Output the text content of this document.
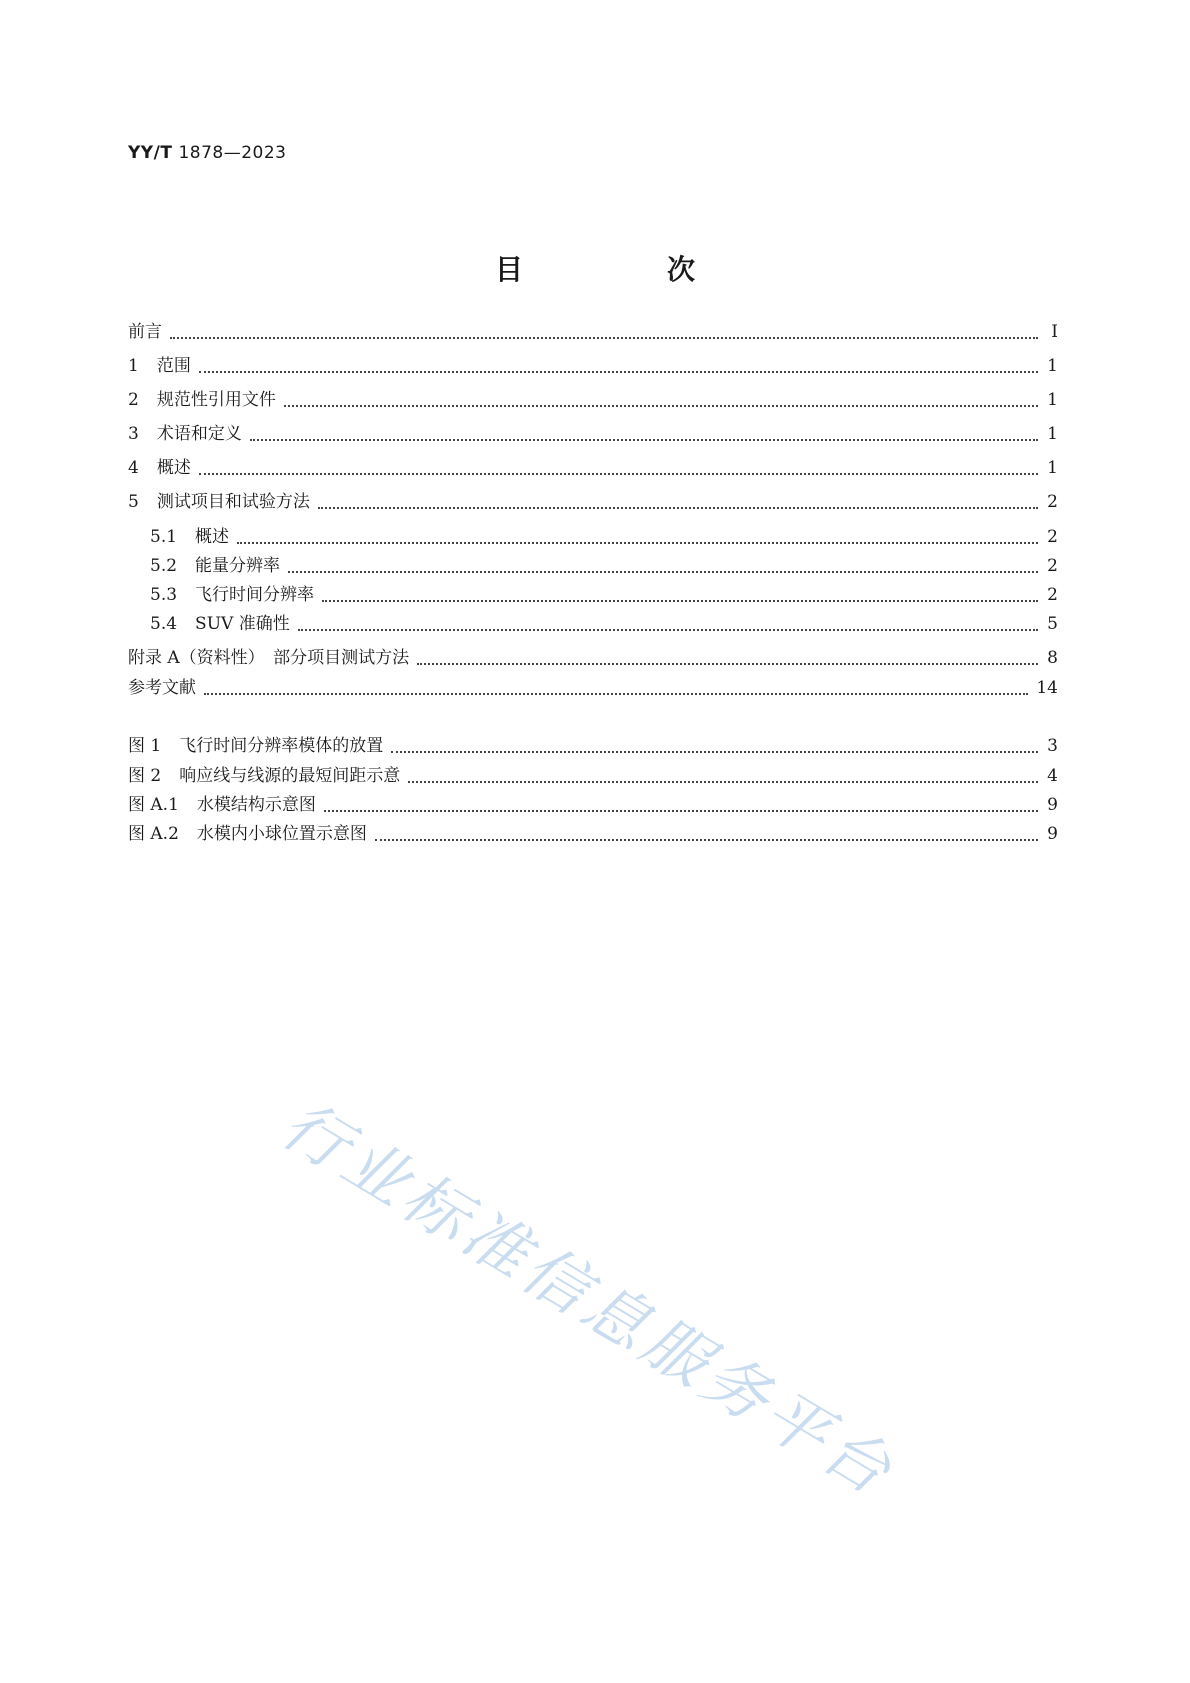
YY/T 1878—2023
目　次
前言	Ⅰ
1 范围	1
2 规范性引用文件	1
3 术语和定义	1
4 概述	1
5 测试项目和试验方法	2
5.1 概述	2
5.2 能量分辨率	2
5.3 飞行时间分辨率	2
5.4 SUV 准确性	5
附录 A（资料性）　部分项目测试方法	8
参考文献	14
图 1 飞行时间分辨率模体的放置	3
图 2 响应线与线源的最短间距示意	4
图 A.1 水模结构示意图	9
图 A.2 水模内小球位置示意图	9
行业标准信息服务平台
